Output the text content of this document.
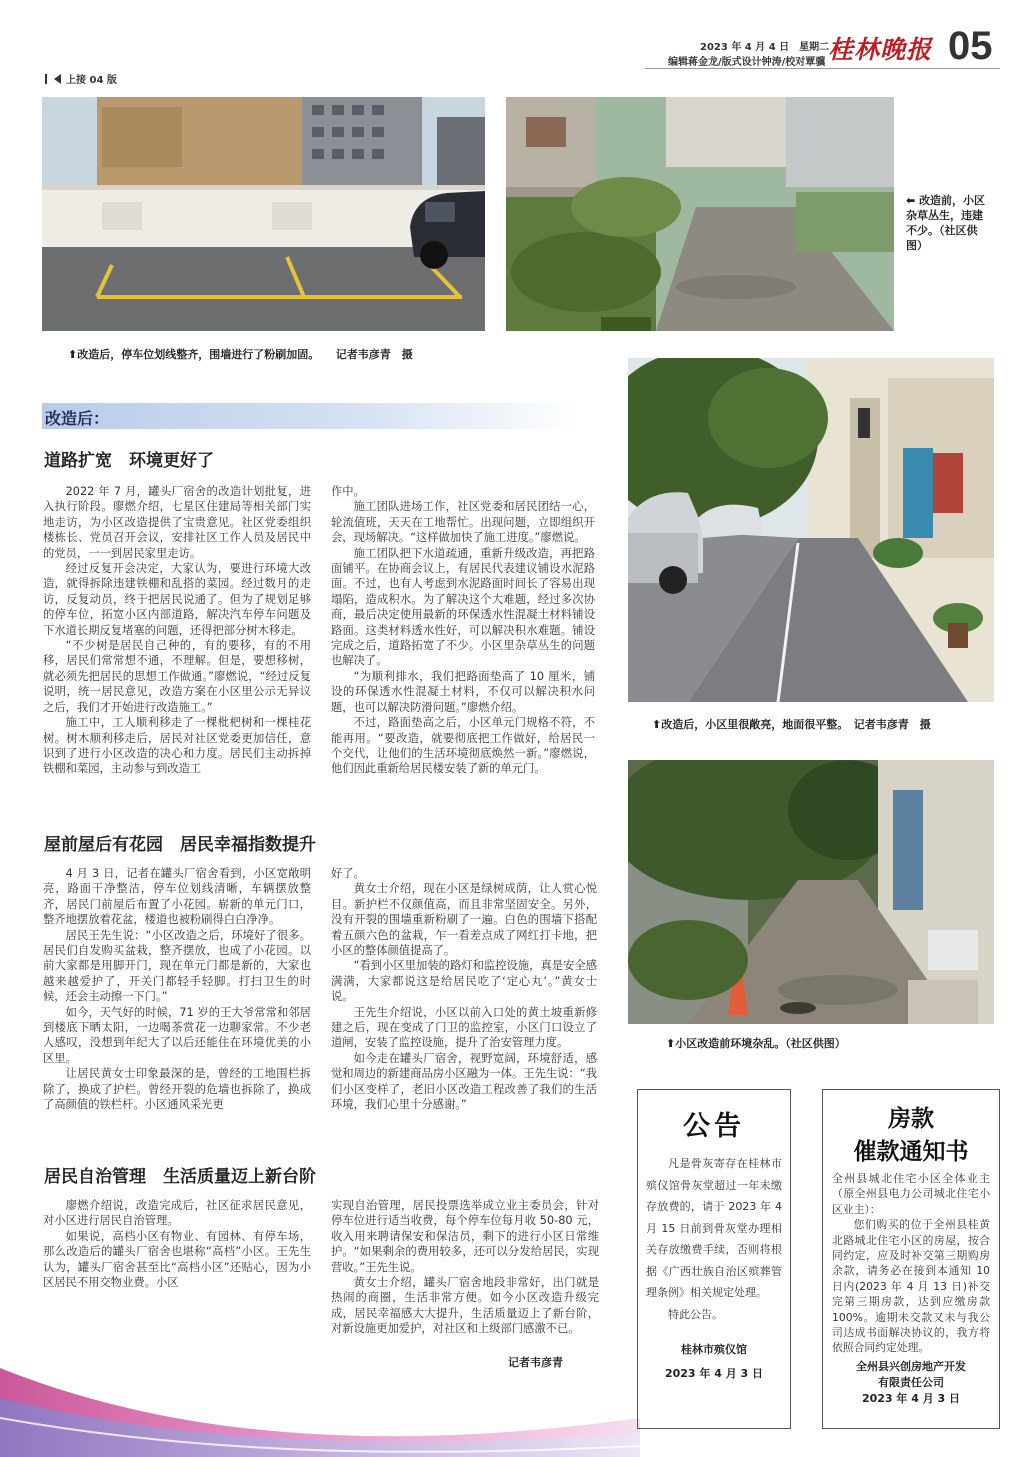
2023 年 4 月 4 日　星期二
编辑蒋金龙/版式设计钟涛/校对覃骥 桂林晚报 05
上接 04 版
⬆改造后，停车位划线整齐，围墙进行了粉刷加固。　　记者韦彦青　摄
⬅ 改造前，小区杂草丛生，违建不少。（社区供图）
改造后：
道路扩宽　环境更好了

2022 年 7 月，罐头厂宿舍的改造计划批复，进入执行阶段。廖燃介绍，七星区住建局等相关部门实地走访，为小区改造提供了宝贵意见。社区党委组织楼栋长、党员召开会议，安排社区工作人员及居民中的党员，一一到居民家里走访。

经过反复开会决定，大家认为，要进行环境大改造，就得拆除违建铁棚和乱搭的菜园。经过数月的走访，反复动员，终于把居民说通了。但为了规划足够的停车位，拓宽小区内部道路，解决汽车停车问题及下水道长期反复堵塞的问题，还得把部分树木移走。

“不少树是居民自己种的，有的要移，有的不用移，居民们常常想不通，不理解。但是，要想移树，就必须先把居民的思想工作做通。”廖燃说，“经过反复说明，统一居民意见，改造方案在小区里公示无异议之后，我们才开始进行改造施工。”

施工中，工人顺利移走了一棵枇杷树和一棵桂花树。树木顺利移走后，居民对社区党委更加信任，意识到了进行小区改造的决心和力度。居民们主动拆掉铁棚和菜园，主动参与到改造工

作中。

施工团队进场工作，社区党委和居民团结一心，轮流值班，天天在工地帮忙。出现问题，立即组织开会，现场解决。“这样做加快了施工进度。”廖燃说。

施工团队把下水道疏通，重新升级改造，再把路面铺平。在协商会议上，有居民代表建议铺设水泥路面。不过，也有人考虑到水泥路面时间长了容易出现塌陷，造成积水。为了解决这个大难题，经过多次协商，最后决定使用最新的环保透水性混凝土材料铺设路面。这类材料透水性好，可以解决积水难题。铺设完成之后，道路拓宽了不少。小区里杂草丛生的问题也解决了。

“为顺利排水，我们把路面垫高了 10 厘米，铺设的环保透水性混凝土材料，不仅可以解决积水问题，也可以解决防滑问题。”廖燃介绍。

不过，路面垫高之后，小区单元门规格不符，不能再用。“要改造，就要彻底把工作做好，给居民一个交代，让他们的生活环境彻底焕然一新。”廖燃说，他们因此重新给居民楼安装了新的单元门。

⬆改造后，小区里很敞亮，地面很平整。　记者韦彦青　摄
屋前屋后有花园　居民幸福指数提升

4 月 3 日，记者在罐头厂宿舍看到，小区宽敞明亮，路面干净整洁，停车位划线清晰，车辆摆放整齐，居民门前屋后布置了小花园。崭新的单元门口，整齐地摆放着花盆，楼道也被粉刷得白白净净。

居民王先生说：“小区改造之后，环境好了很多。居民们自发购买盆栽，整齐摆放，也成了小花园。以前大家都是用脚开门，现在单元门都是新的，大家也越来越爱护了，开关门都轻手轻脚。打扫卫生的时候，还会主动擦一下门。”

如今，天气好的时候，71 岁的王大爷常常和邻居到楼底下晒太阳，一边喝茶赏花一边聊家常。不少老人感叹，没想到年纪大了以后还能住在环境优美的小区里。

让居民黄女士印象最深的是，曾经的工地围栏拆除了，换成了护栏。曾经开裂的危墙也拆除了，换成了高颜值的铁栏杆。小区通风采光更

好了。

黄女士介绍，现在小区是绿树成荫，让人赏心悦目。新护栏不仅颜值高，而且非常坚固安全。另外，没有开裂的围墙重新粉刷了一遍。白色的围墙下搭配着五颜六色的盆栽，乍一看差点成了网红打卡地，把小区的整体颜值提高了。

“看到小区里加装的路灯和监控设施，真是安全感满满，大家都说这是给居民吃了‘定心丸’。”黄女士说。

王先生介绍说，小区以前入口处的黄土坡重新修建之后，现在变成了门卫的监控室，小区门口设立了道闸，安装了监控设施，提升了治安管理力度。

如今走在罐头厂宿舍，视野宽阔，环境舒适，感觉和周边的新建商品房小区融为一体。王先生说：“我们小区变样了，老旧小区改造工程改善了我们的生活环境，我们心里十分感谢。”

⬆小区改造前环境杂乱。（社区供图）
居民自治管理　生活质量迈上新台阶

廖燃介绍说，改造完成后，社区征求居民意见，对小区进行居民自治管理。

如果说，高档小区有物业、有园林、有停车场，那么改造后的罐头厂宿舍也堪称“高档”小区。王先生认为，罐头厂宿舍甚至比“高档小区”还贴心，因为小区居民不用交物业费。小区

实现自治管理，居民投票选举成立业主委员会，针对停车位进行适当收费，每个停车位每月收 50-80 元，收入用来聘请保安和保洁员，剩下的进行小区日常维护。“如果剩余的费用较多，还可以分发给居民，实现营收。”王先生说。

黄女士介绍，罐头厂宿舍地段非常好，出门就是热闹的商圈，生活非常方便。如今小区改造升级完成，居民幸福感大大提升，生活质量迈上了新台阶，对新设施更加爱护，对社区和上级部门感激不已。

记者韦彦青
公告

凡是骨灰寄存在桂林市殡仪馆骨灰堂超过一年未缴存放费的，请于 2023 年 4 月 15 日前到骨灰堂办理相关存放缴费手续，否则将根据《广西壮族自治区殡葬管理条例》相关规定处理。

特此公告。

桂林市殡仪馆
2023 年 4 月 3 日
房款
催款通知书

全州县城北住宅小区全体业主（原全州县电力公司城北住宅小区业主）：

您们购买的位于全州县桂黄北路城北住宅小区的房屋，按合同约定，应及时补交第三期购房余款，请务必在接到本通知 10 日内(2023 年 4 月 13 日)补交完第三期房款，达到应缴房款 100%。逾期未交款又未与我公司达成书面解决协议的，我方将依照合同约定处理。

全州县兴创房地产开发
有限责任公司
2023 年 4 月 3 日
